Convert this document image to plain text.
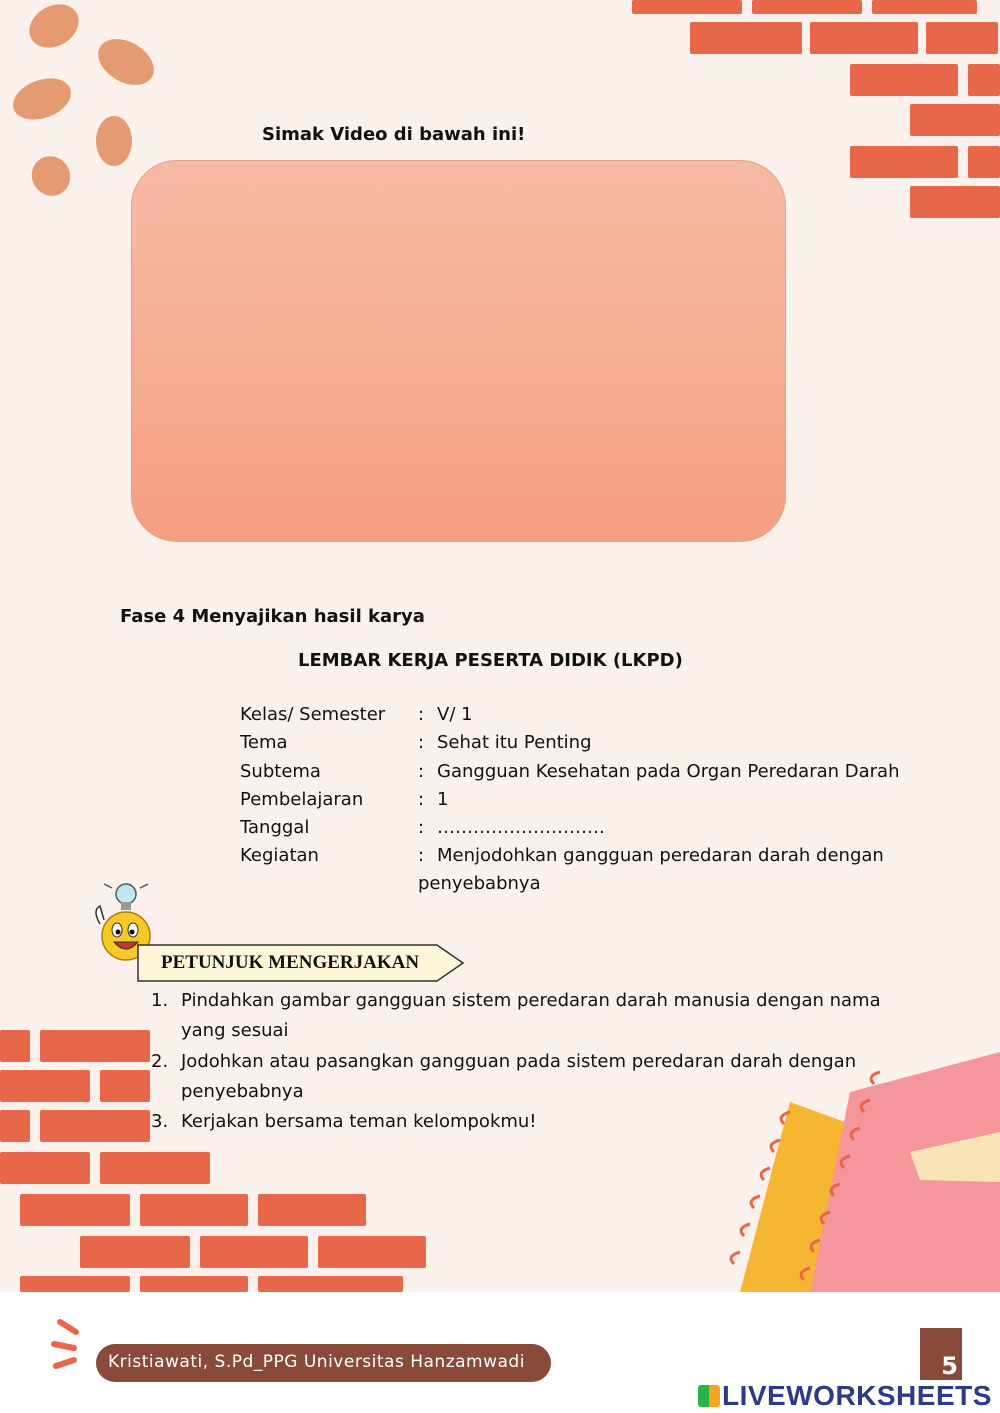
Simak Video di bawah ini!
Fase 4 Menyajikan hasil karya
LEMBAR KERJA PESERTA DIDIK (LKPD)
Kelas/ Semester : V/ 1
Tema	: Sehat itu Penting
Subtema	: Gangguan Kesehatan pada Organ Peredaran Darah
Pembelajaran	: 1
Tanggal	: ……………………….
Kegiatan	: Menjodohkan gangguan peredaran darah dengan
penyebabnya
PETUNJUK MENGERJAKAN
1. Pindahkan gambar gangguan sistem peredaran darah manusia dengan nama
yang sesuai
2. Jodohkan atau pasangkan gangguan pada sistem peredaran darah dengan
penyebabnya
3. Kerjakan bersama teman kelompokmu!
Kristiawati, S.Pd_PPG Universitas Hanzamwadi	5
LIVEWORKSHEETS
